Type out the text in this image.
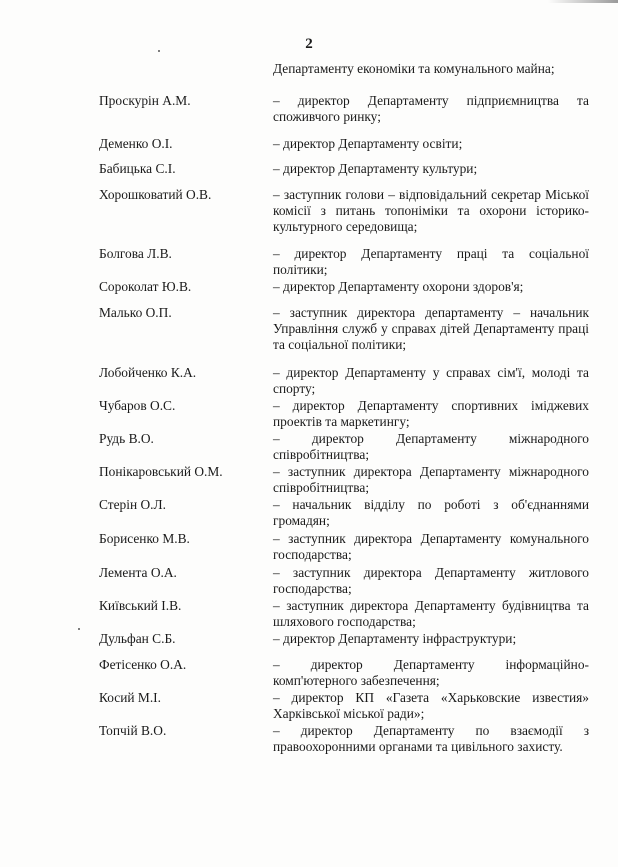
2
Департаменту економіки та комунального майна;
Проскурін А.М.	– директор Департаменту підприємництва та споживчого ринку;
Деменко О.І.	– директор Департаменту освіти;
Бабицька С.І.	– директор Департаменту культури;
Хорошковатий О.В.	– заступник голови – відповідальний секретар Міської комісії з питань топоніміки та охорони історико-культурного середовища;
Болгова Л.В.	– директор Департаменту праці та соціальної політики;
Сороколат Ю.В.	– директор Департаменту охорони здоров'я;
Малько О.П.	– заступник директора департаменту – начальник Управління служб у справах дітей Департаменту праці та соціальної політики;
Лобойченко К.А.	– директор Департаменту у справах сім'ї, молоді та спорту;
Чубаров О.С.	– директор Департаменту спортивних іміджевих проектів та маркетингу;
Рудь В.О.	– директор Департаменту міжнародного співробітництва;
Понікаровський О.М.	– заступник директора Департаменту міжнародного співробітництва;
Стерін О.Л.	– начальник відділу по роботі з об'єднаннями громадян;
Борисенко М.В.	– заступник директора Департаменту комунального господарства;
Лемента О.А.	– заступник директора Департаменту житлового господарства;
Київський І.В.	– заступник директора Департаменту будівництва та шляхового господарства;
Дульфан С.Б.	– директор Департаменту інфраструктури;
Фетісенко О.А.	– директор Департаменту інформаційно-комп'ютерного забезпечення;
Косий М.І.	– директор КП «Газета «Харьковские известия» Харківської міської ради»;
Топчій В.О.	– директор Департаменту по взаємодії з правоохоронними органами та цивільного захисту.
